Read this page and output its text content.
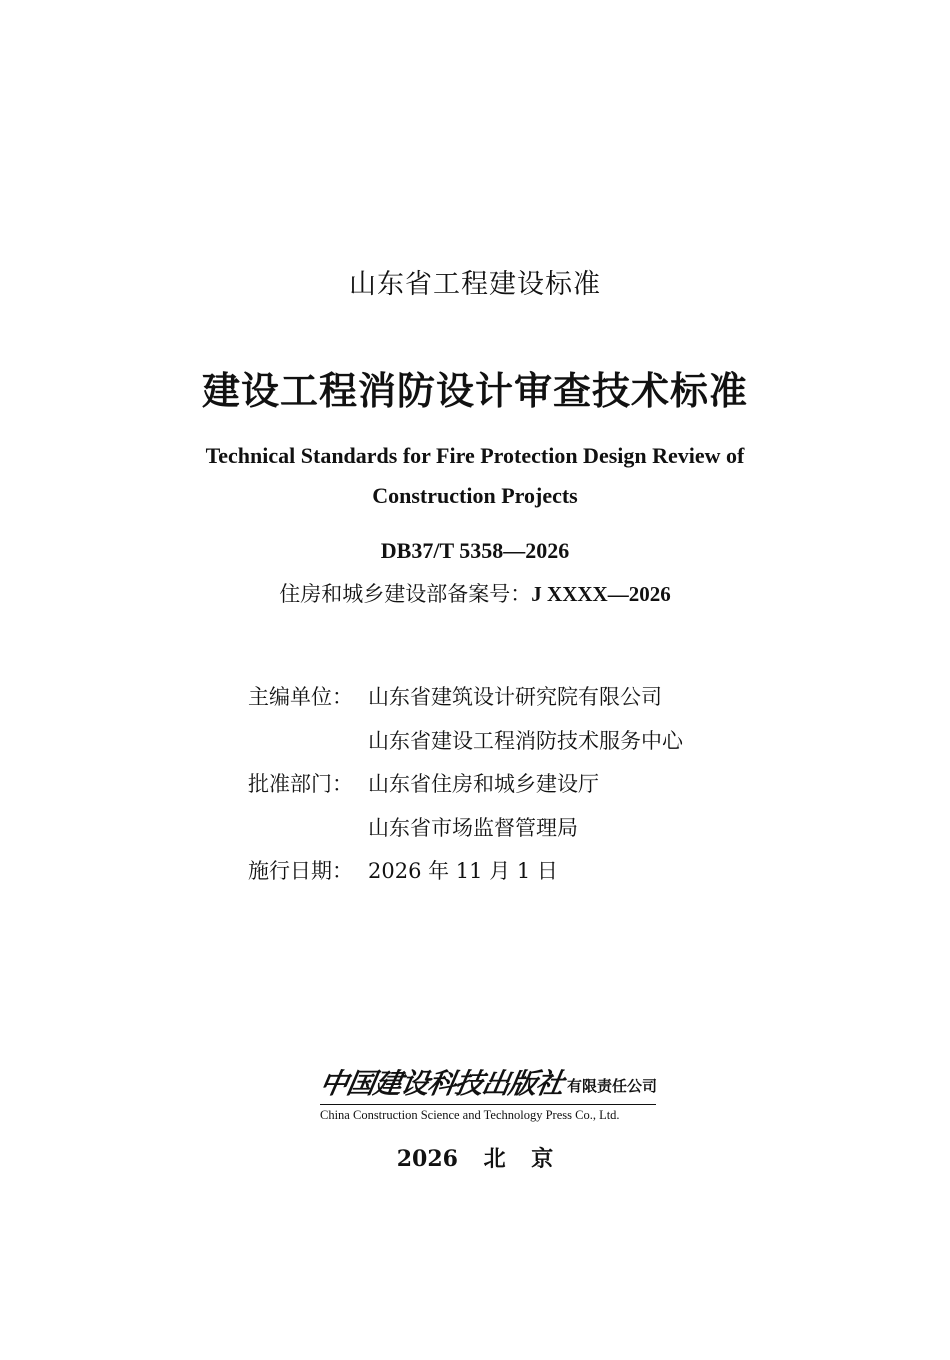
山东省工程建设标准
建设工程消防设计审查技术标准
Technical Standards for Fire Protection Design Review of
Construction Projects
DB37/T 5358—2026
住房和城乡建设部备案号：J XXXX—2026
主编单位： 山东省建筑设计研究院有限公司
山东省建设工程消防技术服务中心
批准部门： 山东省住房和城乡建设厅
山东省市场监督管理局
施行日期： 2026 年 11 月 1 日
中国建设科技出版社 有限责任公司
China Construction Science and Technology Press Co., Ltd.
2026 北 京
